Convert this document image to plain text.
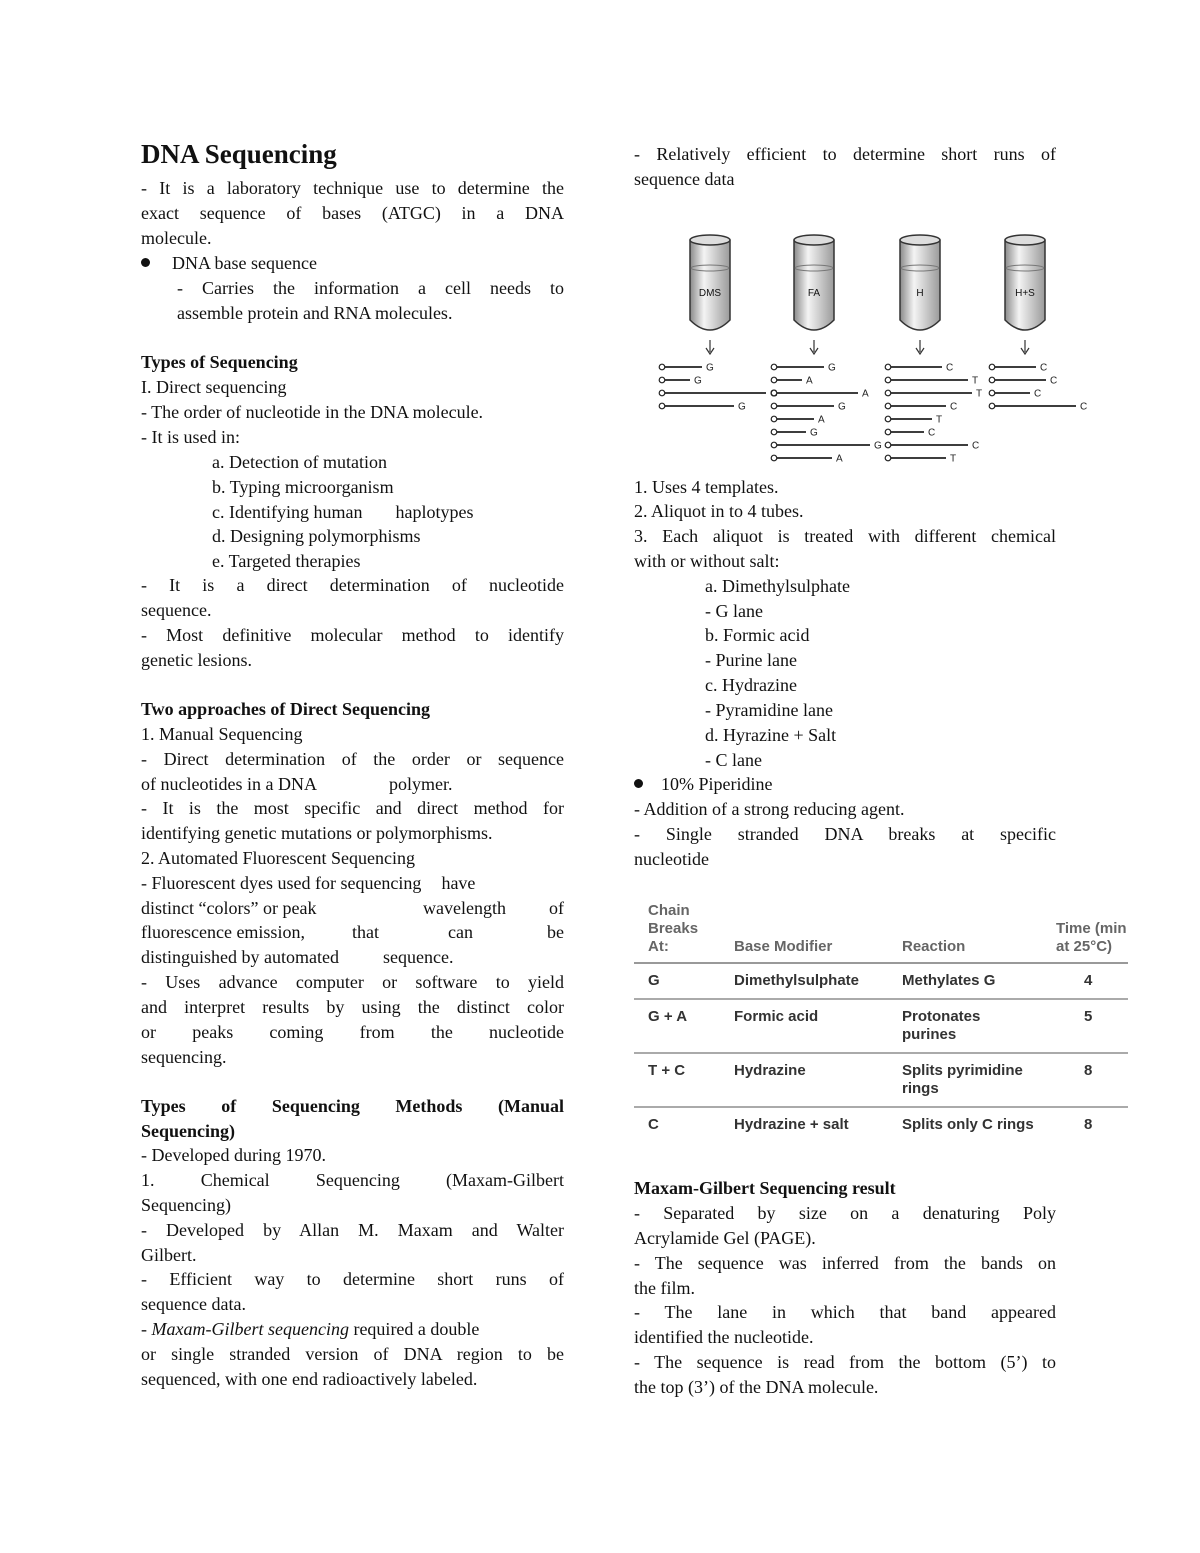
DNA Sequencing
- It is a laboratory technique use to determine the
exact sequence of bases (ATGC) in a DNA
molecule.
DNA base sequence
- Carries the information a cell needs to
assemble protein and RNA molecules.
Types of Sequencing
I. Direct sequencing
- The order of nucleotide in the DNA molecule.
- It is used in:
a. Detection of mutation
b. Typing microorganism
c. Identifying human haplotypes
d. Designing polymorphisms
e. Targeted therapies
- It is a direct determination of nucleotide
sequence.
- Most definitive molecular method to identify
genetic lesions.
Two approaches of Direct Sequencing
1. Manual Sequencing
- Direct determination of the order or sequence
of nucleotides in a DNA	polymer.
- It is the most specific and direct method for
identifying genetic mutations or polymorphisms.
2. Automated Fluorescent Sequencing
- Fluorescent dyes used for sequencing have
distinct “colors” or peak	wavelength of
fluorescence emission,	that	can	be
distinguished by automated sequence.
- Uses advance computer or software to yield
and interpret results by using the distinct color
or peaks coming from the nucleotide
sequencing.
Types of Sequencing Methods (Manual
Sequencing)
- Developed during 1970.
1. Chemical Sequencing (Maxam-Gilbert
Sequencing)
- Developed by Allan M. Maxam and Walter
Gilbert.
- Efficient way to determine short runs of
sequence data.
- Maxam-Gilbert sequencing required a double
or single stranded version of DNA region to be
sequenced, with one end radioactively labeled.
- Relatively efficient to determine short runs of
sequence data
DMS	FA	H	H+S
G
G
G
G
A
A
G
A
G
G
A
C
T
T
C
T
C
C
T
C
C
C
C
1. Uses 4 templates.
2. Aliquot in to 4 tubes.
3. Each aliquot is treated with different chemical
with or without salt:
a. Dimethylsulphate
- G lane
b. Formic acid
- Purine lane
c. Hydrazine
- Pyramidine lane
d. Hyrazine + Salt
- C lane
10% Piperidine
- Addition of a strong reducing agent.
- Single stranded DNA breaks at specific
nucleotide
Chain Breaks At:	Base Modifier	Reaction	Time (min at 25°C)
G	Dimethylsulphate	Methylates G	4
G + A	Formic acid	Protonates purines	5
T + C	Hydrazine	Splits pyrimidine rings	8
C	Hydrazine + salt	Splits only C rings	8
Maxam-Gilbert Sequencing result
- Separated by size on a denaturing Poly
Acrylamide Gel (PAGE).
- The sequence was inferred from the bands on
the film.
- The lane in which that band appeared
identified the nucleotide.
- The sequence is read from the bottom (5’) to
the top (3’) of the DNA molecule.
